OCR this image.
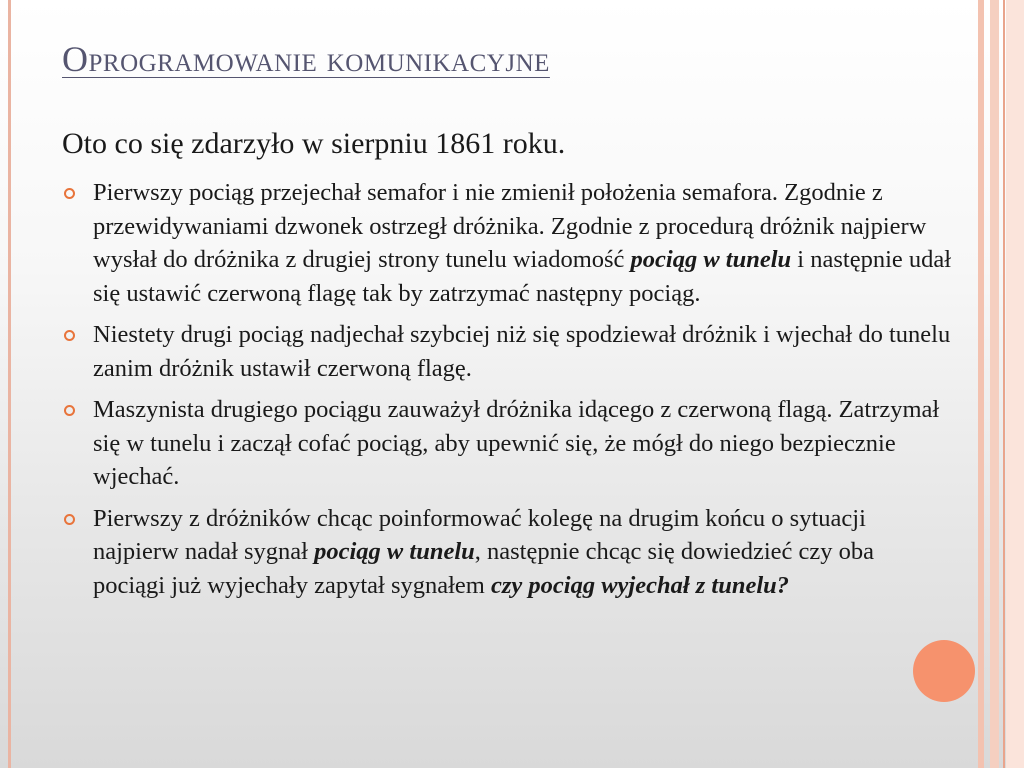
Oprogramowanie komunikacyjne
Oto co się zdarzyło w sierpniu 1861 roku.
Pierwszy pociąg przejechał semafor i nie zmienił położenia semafora. Zgodnie z przewidywaniami dzwonek ostrzegł dróżnika. Zgodnie z procedurą dróżnik najpierw wysłał do dróżnika z drugiej strony tunelu wiadomość pociąg w tunelu i następnie udał się ustawić czerwoną flagę tak by zatrzymać następny pociąg.
Niestety drugi pociąg nadjechał szybciej niż się spodziewał dróżnik i wjechał do tunelu zanim dróżnik ustawił czerwoną flagę.
Maszynista drugiego pociągu zauważył dróżnika idącego z czerwoną flagą. Zatrzymał się w tunelu i zaczął cofać pociąg, aby upewnić się, że mógł do niego bezpiecznie wjechać.
Pierwszy z dróżników chcąc poinformować kolegę na drugim końcu o sytuacji najpierw nadał sygnał pociąg w tunelu, następnie chcąc się dowiedzieć czy oba pociągi już wyjechały zapytał sygnałem czy pociąg wyjechał z tunelu?
